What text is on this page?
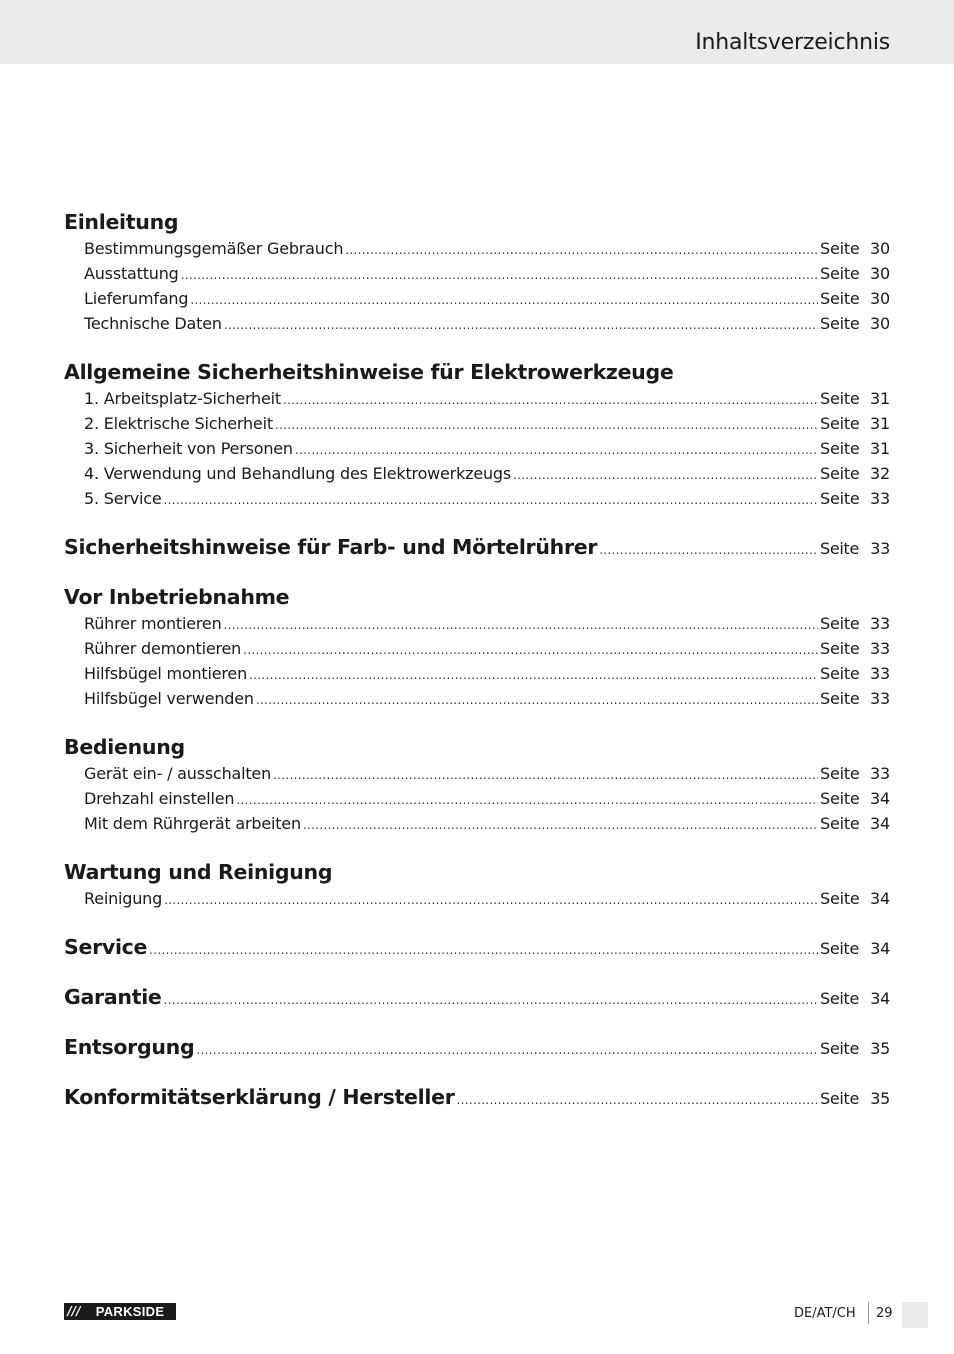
Inhaltsverzeichnis
Einleitung
Bestimmungsgemäßer Gebrauch .....	Seite 30
Ausstattung .....	Seite 30
Lieferumfang .....	Seite 30
Technische Daten .....	Seite 30
Allgemeine Sicherheitshinweise für Elektrowerkzeuge
1. Arbeitsplatz-Sicherheit .....	Seite 31
2. Elektrische Sicherheit .....	Seite 31
3. Sicherheit von Personen .....	Seite 31
4. Verwendung und Behandlung des Elektrowerkzeugs .....	Seite 32
5. Service .....	Seite 33
Sicherheitshinweise für Farb- und Mörtelrührer .....	Seite 33
Vor Inbetriebnahme
Rührer montieren .....	Seite 33
Rührer demontieren .....	Seite 33
Hilfsbügel montieren .....	Seite 33
Hilfsbügel verwenden .....	Seite 33
Bedienung
Gerät ein- / ausschalten .....	Seite 33
Drehzahl einstellen .....	Seite 34
Mit dem Rührgerät arbeiten .....	Seite 34
Wartung und Reinigung
Reinigung .....	Seite 34
Service .....	Seite 34
Garantie .....	Seite 34
Entsorgung .....	Seite 35
Konformitätserklärung / Hersteller .....	Seite 35
///	PARKSIDE	DE/AT/CH 29
